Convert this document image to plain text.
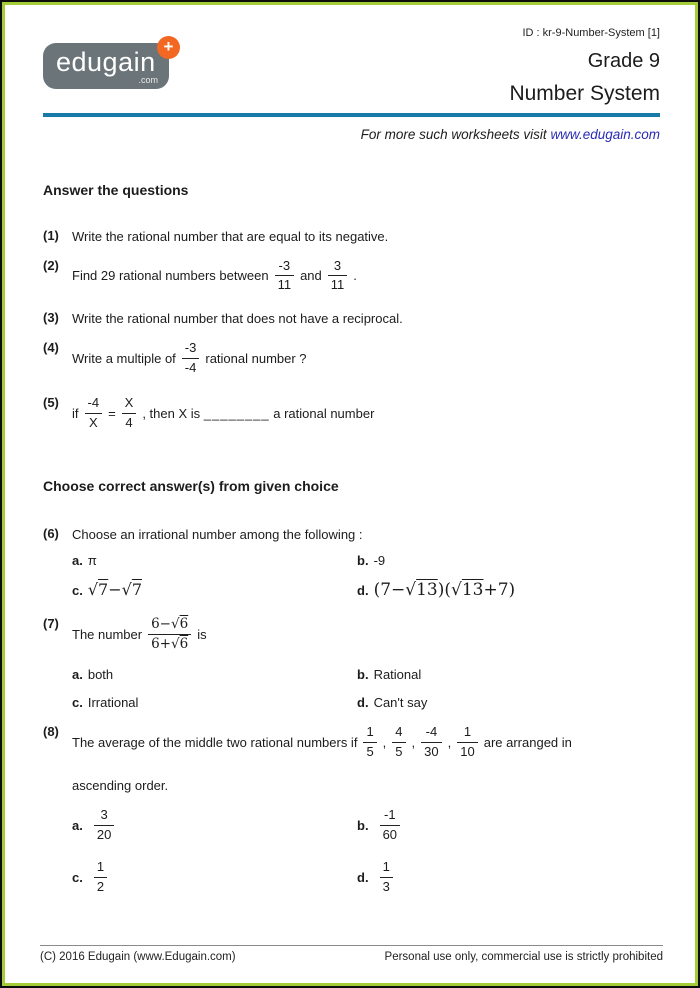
edugain
.com
+
ID : kr-9-Number-System [1]
Grade 9
Number System
For more such worksheets visit www.edugain.com
Answer the questions
(1)	Write the rational number that are equal to its negative.
(2)
Find 29 rational numbers between $\frac{-3}{11}$ and $\frac{3}{11}$ .
(3)	Write the rational number that does not have a reciprocal.
(4)
Write a multiple of $\frac{-3}{-4}$ rational number ?
(5)
if $\frac{-4}{X} = \frac{X}{4}$ , then X is
________
a rational number
Choose correct answer(s) from given choice
(6)	Choose an irrational number among the following :
a. π	b. -9
c. √7−√7	d. (7−√13)(√13+7)
(7)
The number $\frac{6-√6}{6+√6}$ is
a. both	b. Rational
c. Irrational	d. Can't say
(8)
The average of the middle two rational numbers if $\frac{1}{5}$ , $\frac{4}{5}$ , $\frac{-4}{30}$ , $\frac{1}{10}$ are arranged in
ascending order.
a. $\frac{3}{20}$	b. $\frac{-1}{60}$
c. $\frac{1}{2}$	d. $\frac{1}{3}$
(C) 2016 Edugain (www.Edugain.com)	Personal use only, commercial use is strictly prohibited
